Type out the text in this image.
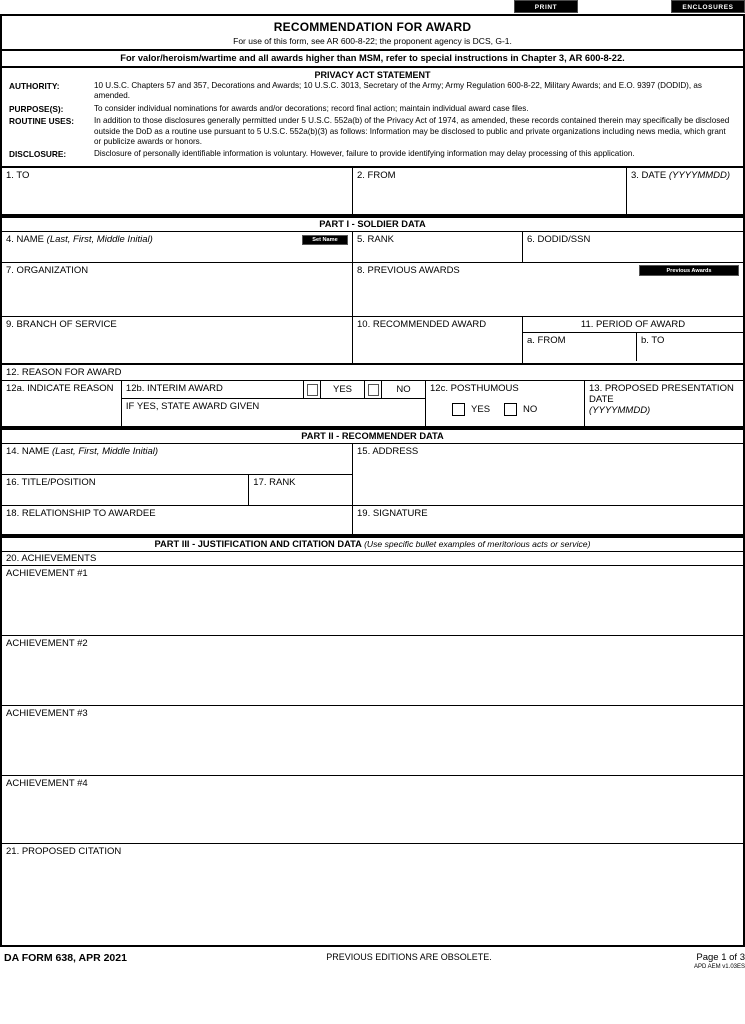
PRINT	ENCLOSURES
RECOMMENDATION FOR AWARD
For use of this form, see AR 600-8-22; the proponent agency is DCS, G-1.
For valor/heroism/wartime and all awards higher than MSM, refer to special instructions in Chapter 3, AR 600-8-22.
PRIVACY ACT STATEMENT
AUTHORITY:	10 U.S.C. Chapters 57 and 357, Decorations and Awards; 10 U.S.C. 3013, Secretary of the Army; Army Regulation 600-8-22, Military Awards; and E.O. 9397 (DODID), as amended.
PURPOSE(S):	To consider individual nominations for awards and/or decorations; record final action; maintain individual award case files.
ROUTINE USES:	In addition to those disclosures generally permitted under 5 U.S.C. 552a(b) of the Privacy Act of 1974, as amended, these records contained therein may specifically be disclosed outside the DoD as a routine use pursuant to 5 U.S.C. 552a(b)(3) as follows: Information may be disclosed to public and private organizations including news media, which grant or publicize awards or honors.
DISCLOSURE:	Disclosure of personally identifiable information is voluntary. However, failure to provide identifying information may delay processing of this application.
1. TO	2. FROM	3. DATE (YYYYMMDD)
PART I - SOLDIER DATA
4. NAME (Last, First, Middle Initial)	Set Name	5. RANK	6. DODID/SSN
7. ORGANIZATION	8. PREVIOUS AWARDS	Previous Awards
9. BRANCH OF SERVICE	10. RECOMMENDED AWARD	11. PERIOD OF AWARD
a. FROM	b. TO
12. REASON FOR AWARD
12a. INDICATE REASON	12b. INTERIM AWARD	YES	NO
IF YES, STATE AWARD GIVEN
12c. POSTHUMOUS
YES	NO
13. PROPOSED PRESENTATION DATE
(YYYYMMDD)
PART II - RECOMMENDER DATA
14. NAME (Last, First, Middle Initial)
16. TITLE/POSITION	17. RANK
15. ADDRESS
18. RELATIONSHIP TO AWARDEE	19. SIGNATURE
PART III - JUSTIFICATION AND CITATION DATA (Use specific bullet examples of meritorious acts or service)
20. ACHIEVEMENTS
ACHIEVEMENT #1
ACHIEVEMENT #2
ACHIEVEMENT #3
ACHIEVEMENT #4
21. PROPOSED CITATION
DA FORM 638, APR 2021	PREVIOUS EDITIONS ARE OBSOLETE.	Page 1 of 3
APD AEM v1.03ES
